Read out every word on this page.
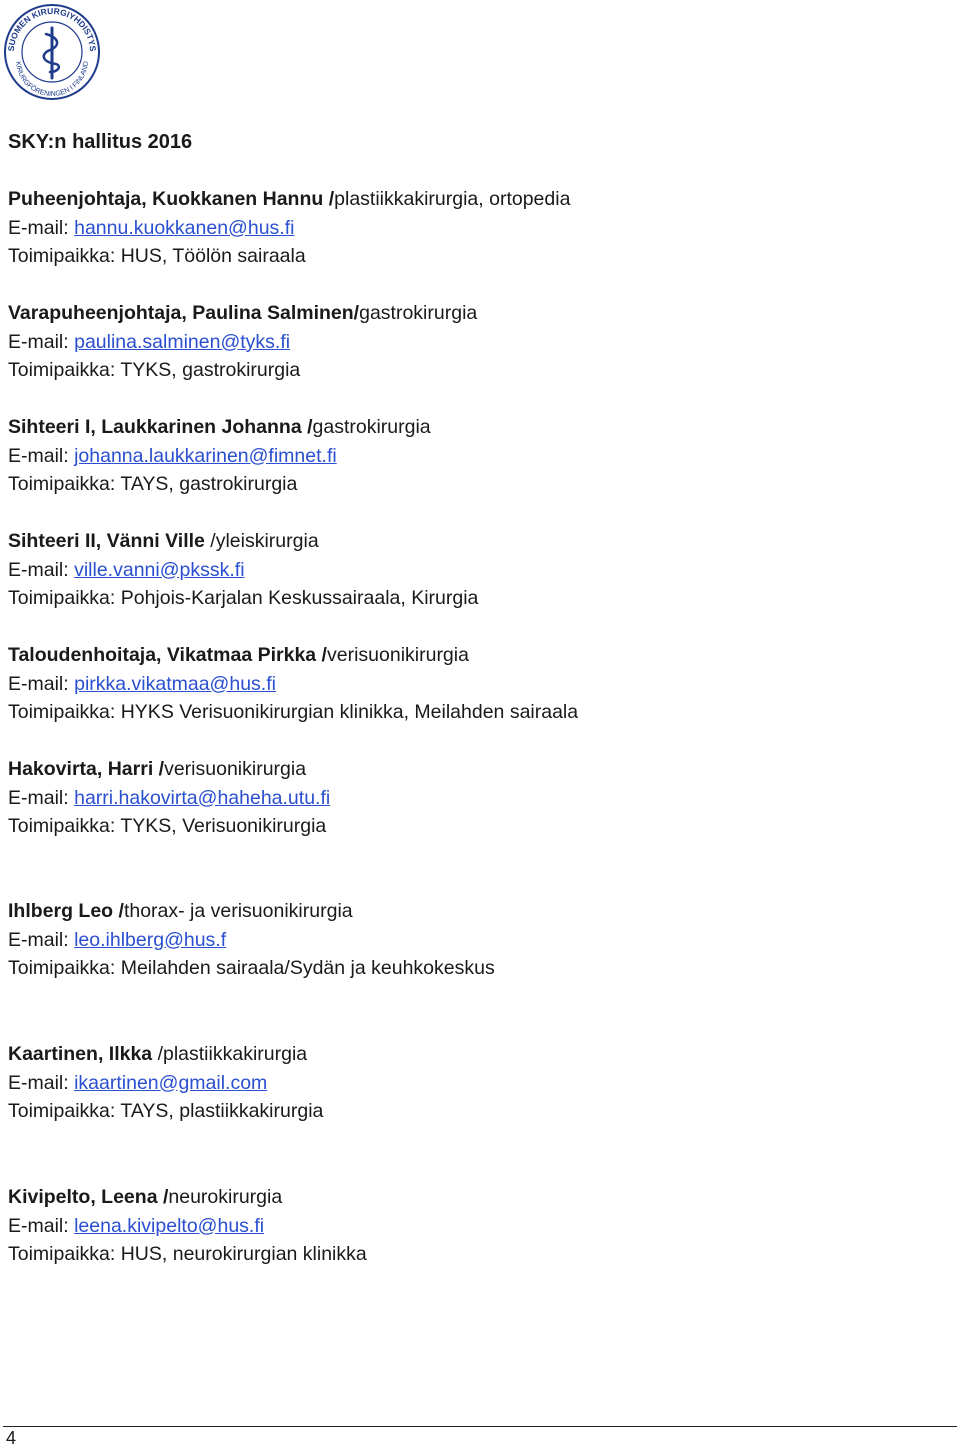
SUOMEN KIRURGIYHDISTYS
KIRURGFÖRENINGEN I FINLAND
SKY:n hallitus 2016
Puheenjohtaja, Kuokkanen Hannu /plastiikkakirurgia, ortopedia
E-mail: hannu.kuokkanen@hus.fi
Toimipaikka: HUS, Töölön sairaala
Varapuheenjohtaja, Paulina Salminen/gastrokirurgia
E-mail: paulina.salminen@tyks.fi
Toimipaikka: TYKS, gastrokirurgia
Sihteeri I, Laukkarinen Johanna /gastrokirurgia
E-mail: johanna.laukkarinen@fimnet.fi
Toimipaikka: TAYS, gastrokirurgia
Sihteeri II, Vänni Ville /yleiskirurgia
E-mail: ville.vanni@pkssk.fi
Toimipaikka: Pohjois-Karjalan Keskussairaala, Kirurgia
Taloudenhoitaja, Vikatmaa Pirkka /verisuonikirurgia
E-mail: pirkka.vikatmaa@hus.fi
Toimipaikka: HYKS Verisuonikirurgian klinikka, Meilahden sairaala
Hakovirta, Harri /verisuonikirurgia
E-mail: harri.hakovirta@haheha.utu.fi
Toimipaikka: TYKS, Verisuonikirurgia
Ihlberg Leo /thorax- ja verisuonikirurgia
E-mail: leo.ihlberg@hus.f
Toimipaikka: Meilahden sairaala/Sydän ja keuhkokeskus
Kaartinen, Ilkka /plastiikkakirurgia
E-mail: ikaartinen@gmail.com
Toimipaikka: TAYS, plastiikkakirurgia
Kivipelto, Leena /neurokirurgia
E-mail: leena.kivipelto@hus.fi
Toimipaikka: HUS, neurokirurgian klinikka
4
